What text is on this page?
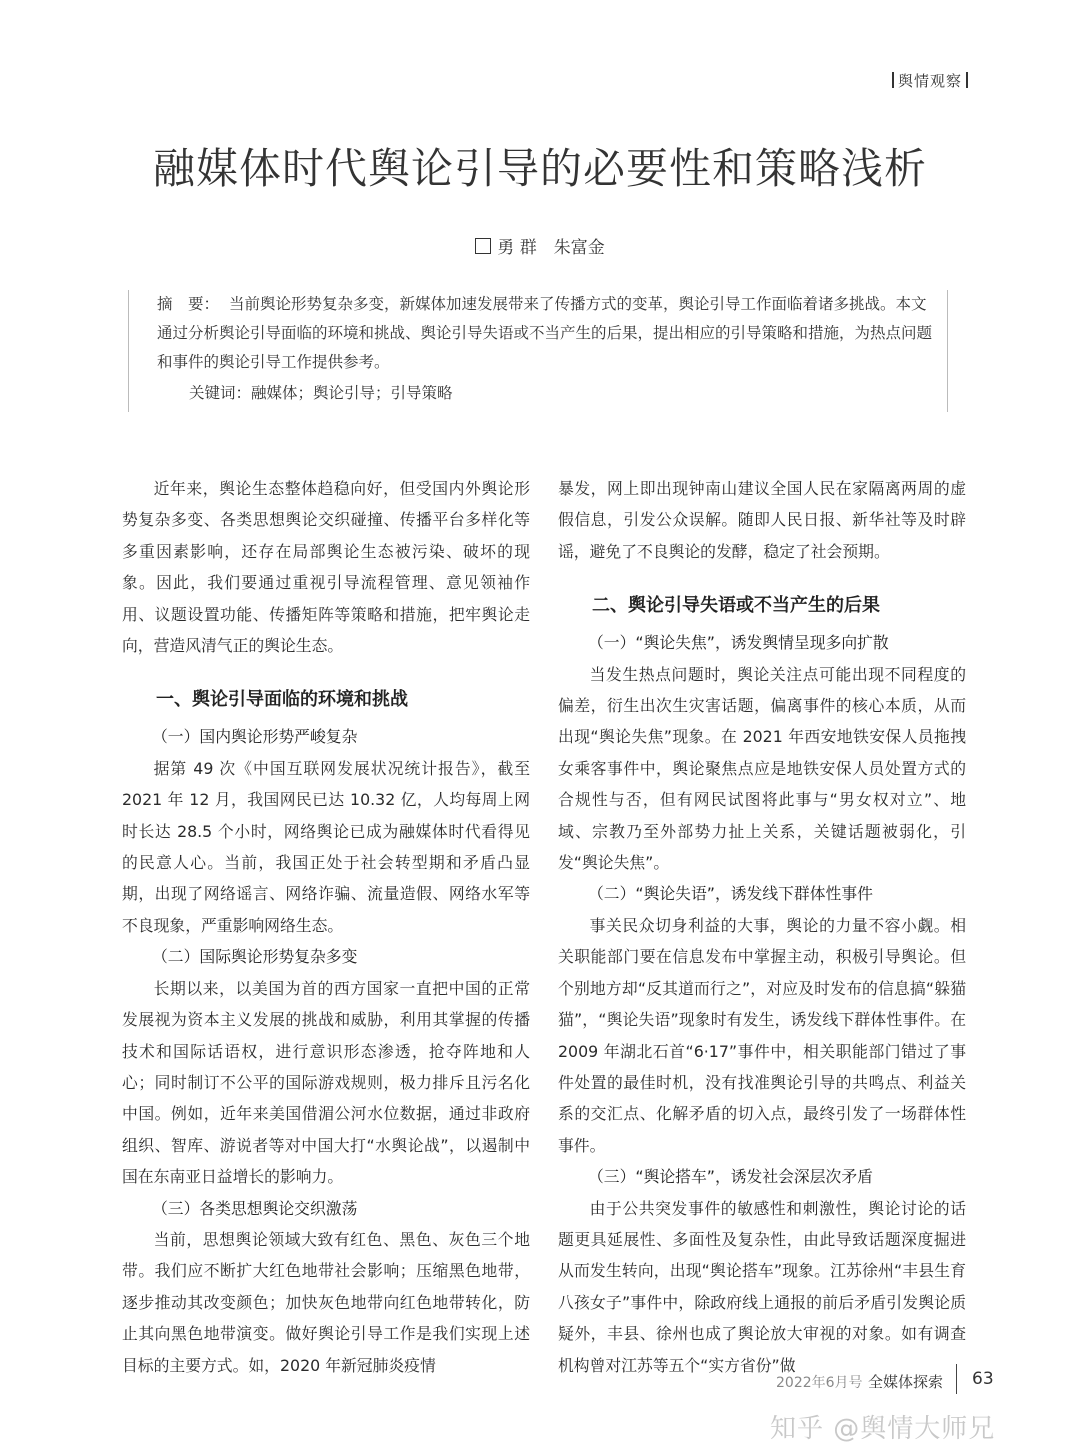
舆情观察
融媒体时代舆论引导的必要性和策略浅析
勇 群　朱富金
摘　要： 当前舆论形势复杂多变，新媒体加速发展带来了传播方式的变革，舆论引导工作面临着诸多挑战。本文通过分析舆论引导面临的环境和挑战、舆论引导失语或不当产生的后果，提出相应的引导策略和措施，为热点问题和事件的舆论引导工作提供参考。
关键词：融媒体；舆论引导；引导策略

近年来，舆论生态整体趋稳向好，但受国内外舆论形势复杂多变、各类思想舆论交织碰撞、传播平台多样化等多重因素影响，还存在局部舆论生态被污染、破坏的现象。因此，我们要通过重视引导流程管理、意见领袖作用、议题设置功能、传播矩阵等策略和措施，把牢舆论走向，营造风清气正的舆论生态。

一、舆论引导面临的环境和挑战
（一）国内舆论形势严峻复杂

据第 49 次《中国互联网发展状况统计报告》，截至 2021 年 12 月，我国网民已达 10.32 亿，人均每周上网时长达 28.5 个小时，网络舆论已成为融媒体时代看得见的民意人心。当前，我国正处于社会转型期和矛盾凸显期，出现了网络谣言、网络诈骗、流量造假、网络水军等不良现象，严重影响网络生态。

（二）国际舆论形势复杂多变

长期以来，以美国为首的西方国家一直把中国的正常发展视为资本主义发展的挑战和威胁，利用其掌握的传播技术和国际话语权，进行意识形态渗透，抢夺阵地和人心；同时制订不公平的国际游戏规则，极力排斥且污名化中国。例如，近年来美国借湄公河水位数据，通过非政府组织、智库、游说者等对中国大打“水舆论战”，以遏制中国在东南亚日益增长的影响力。

（三）各类思想舆论交织激荡

当前，思想舆论领域大致有红色、黑色、灰色三个地带。我们应不断扩大红色地带社会影响；压缩黑色地带，逐步推动其改变颜色；加快灰色地带向红色地带转化，防止其向黑色地带演变。做好舆论引导工作是我们实现上述目标的主要方式。如，2020 年新冠肺炎疫情

暴发，网上即出现钟南山建议全国人民在家隔离两周的虚假信息，引发公众误解。随即人民日报、新华社等及时辟谣，避免了不良舆论的发酵，稳定了社会预期。

二、舆论引导失语或不当产生的后果
（一）“舆论失焦”，诱发舆情呈现多向扩散

当发生热点问题时，舆论关注点可能出现不同程度的偏差，衍生出次生灾害话题，偏离事件的核心本质，从而出现“舆论失焦”现象。在 2021 年西安地铁安保人员拖拽女乘客事件中，舆论聚焦点应是地铁安保人员处置方式的合规性与否，但有网民试图将此事与“男女权对立”、地域、宗教乃至外部势力扯上关系，关键话题被弱化，引发“舆论失焦”。

（二）“舆论失语”，诱发线下群体性事件

事关民众切身利益的大事，舆论的力量不容小觑。相关职能部门要在信息发布中掌握主动，积极引导舆论。但个别地方却“反其道而行之”，对应及时发布的信息搞“躲猫猫”，“舆论失语”现象时有发生，诱发线下群体性事件。在 2009 年湖北石首“6·17”事件中，相关职能部门错过了事件处置的最佳时机，没有找准舆论引导的共鸣点、利益关系的交汇点、化解矛盾的切入点，最终引发了一场群体性事件。

（三）“舆论搭车”，诱发社会深层次矛盾

由于公共突发事件的敏感性和刺激性，舆论讨论的话题更具延展性、多面性及复杂性，由此导致话题深度掘进从而发生转向，出现“舆论搭车”现象。江苏徐州“丰县生育八孩女子”事件中，除政府线上通报的前后矛盾引发舆论质疑外，丰县、徐州也成了舆论放大审视的对象。如有调查机构曾对江苏等五个“实方省份”做

2022年6月号 全媒体探索 63
知乎 @舆情大师兄
